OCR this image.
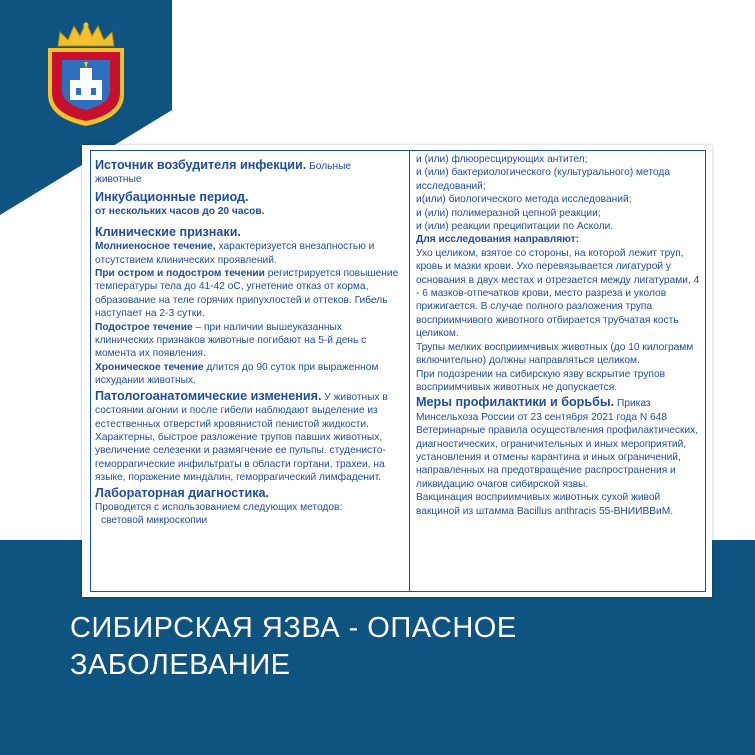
Источник возбудителя инфекции. Больные
животные

Инкубационные период.

от нескольких часов до 20 часов.

Клинические признаки.

Молниеносное течение, характеризуется внезапностью и отсутствием клинических проявлений.

При остром и подостром течении регистрируется повышение температуры тела до 41-42 оС, угнетение отказ от корма, образование на теле горячих припухлостей и оттеков. Гибель наступает на 2-3 сутки.

Подострое течение – при наличии вышеуказанных клинических признаков животные погибают на 5-й день с момента их появления.

Хроническое течение длится до 90 суток при выраженном исхудании животных.

Патологоанатомические изменения. У животных в состоянии агонии и после гибели наблюдают выделение из естественных отверстий кровянистой пенистой жидкости. Характерны, быстрое разложение трупов павших животных, увеличение селезенки и размягчение ее пульпы. студенисто-геморрагические инфильтраты в области гортани, трахеи, на языке, поражение миндалин, геморрагический лимфаденит.

Лабораторная диагностика.

Проводится с использованием следующих методов:

световой микроскопии

и (или) флюоресцирующих антител;

и (или) бактериологического (культурального) метода исследований;

и(или) биологического метода исследований;

и (или) полимеразной цепной реакции;

и (или) реакции преципитации по Асколи.

Для исследования направляют:

Ухо целиком, взятое со стороны, на которой лежит труп, кровь и мазки крови. Ухо перевязывается лигатурой у основания в двух местах и отрезается между лигатурами, 4 - 6 мазков-отпечатков крови, место разреза и уколов прижигается. В случае полного разложения трупа восприимчивого животного отбирается трубчатая кость целиком.

Трупы мелких восприимчивых животных (до 10 килограмм включительно) должны направляться целиком.

При подозрении на сибирскую язву вскрытие трупов восприимчивых животных не допускается.

Меры профилактики и борьбы. Приказ Минсельхоза России от 23 сентября 2021 года N 648 Ветеринарные правила осуществления профилактических, диагностических, ограничительных и иных мероприятий, установления и отмены карантина и иных ограничений, направленных на предотвращение распространения и ликвидацию очагов сибирской язвы.

Вакцинация восприимчивых животных сухой живой вакциной из штамма Bacillus anthracis 55-ВНИИВВиМ.

СИБИРСКАЯ ЯЗВА - ОПАСНОЕ
ЗАБОЛЕВАНИЕ
